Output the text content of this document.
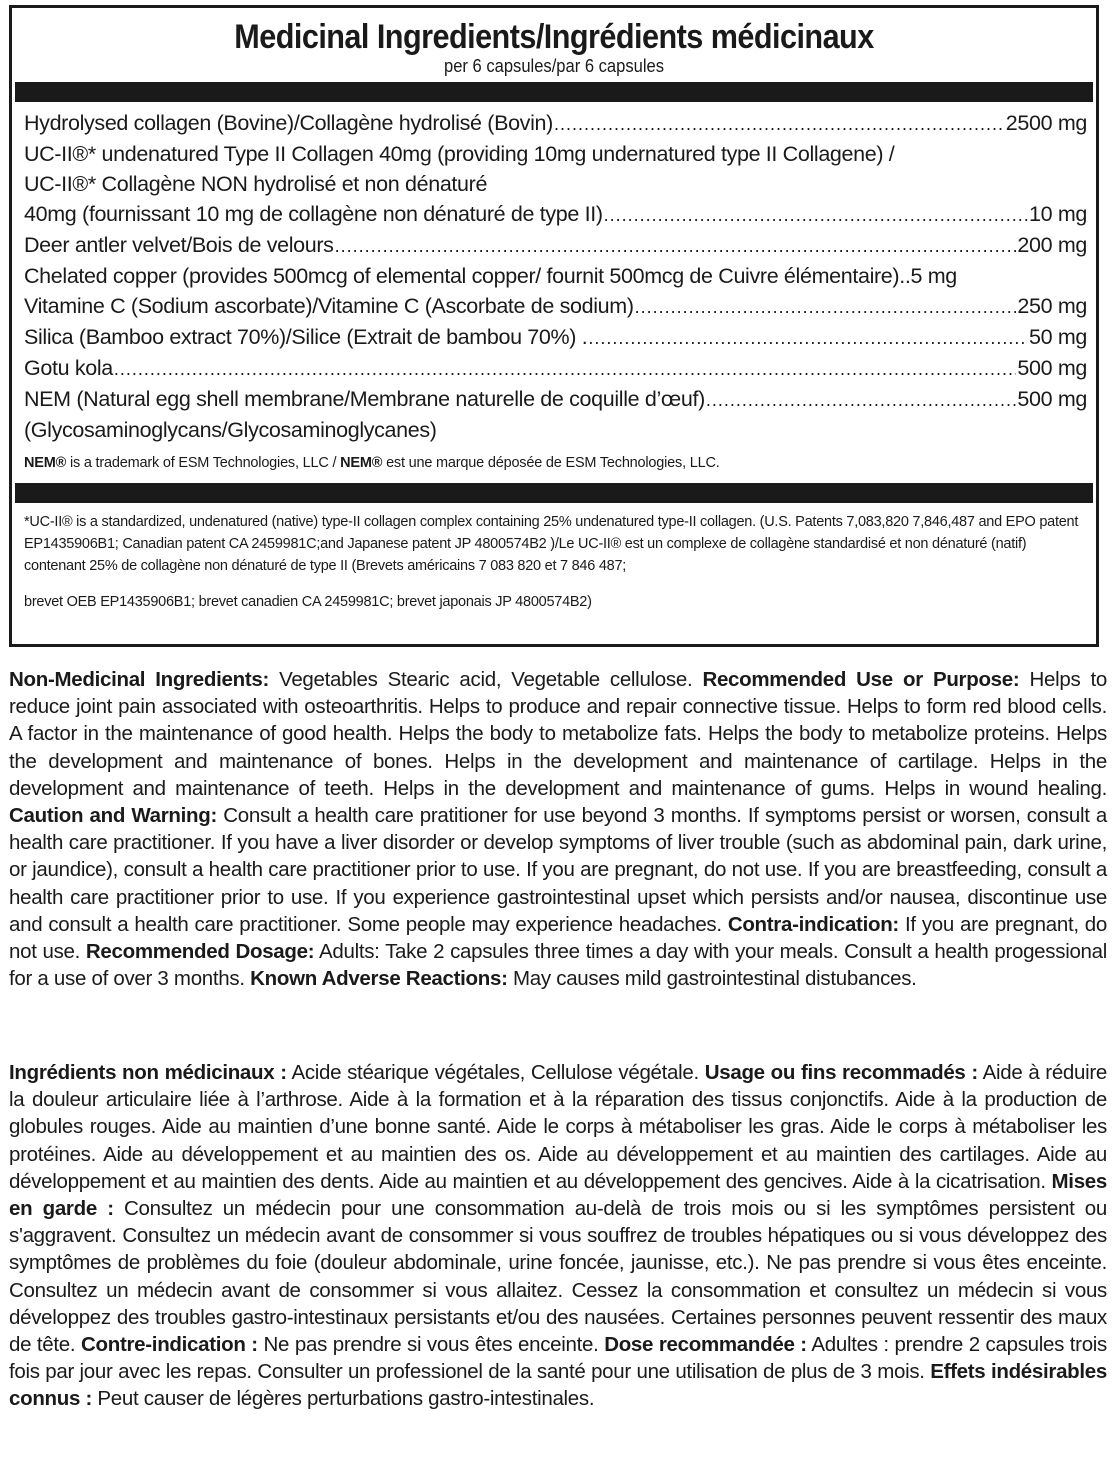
Medicinal Ingredients/Ingrédients médicinaux
per 6 capsules/par 6 capsules
Hydrolysed collagen (Bovine)/Collagène hydrolisé (Bovin) .....	2500 mg
UC-II®* undenatured Type II Collagen 40mg (providing 10mg undernatured type II Collagene) /
UC-II®* Collagène NON hydrolisé et non dénaturé
40mg (fournissant 10 mg de collagène non dénaturé de type II) .....	10 mg
Deer antler velvet/Bois de velours .....	200 mg
Chelated copper (provides 500mcg of elemental copper/ fournit 500mcg de Cuivre élémentaire).. 5 mg
Vitamine C (Sodium ascorbate)/Vitamine C (Ascorbate de sodium) .....	250 mg
Silica (Bamboo extract 70%)/Silice (Extrait de bambou 70%) . .....	50 mg
Gotu kola .....	500 mg
NEM (Natural egg shell membrane/Membrane naturelle de coquille d’œuf) .....	500 mg
(Glycosaminoglycans/Glycosaminoglycanes)
NEM® is a trademark of ESM Technologies, LLC / NEM® est une marque déposée de ESM Technologies, LLC.

*UC-II® is a standardized, undenatured (native) type-II collagen complex containing 25% undenatured type-II collagen. (U.S. Patents 7,083,820 7,846,487 and EPO patent EP1435906B1; Canadian patent CA 2459981C;and Japanese patent JP 4800574B2 )/Le UC-II® est un complexe de collagène standardisé et non dénaturé (natif) contenant 25% de collagène non dénaturé de type II (Brevets américains 7 083 820 et 7 846 487;

brevet OEB EP1435906B1; brevet canadien CA 2459981C; brevet japonais JP 4800574B2)

Non-Medicinal Ingredients: Vegetables Stearic acid, Vegetable cellulose. Recommended Use or Purpose: Helps to reduce joint pain associated with osteoarthritis. Helps to produce and repair connective tissue. Helps to form red blood cells. A factor in the maintenance of good health. Helps the body to metabolize fats. Helps the body to metabolize proteins. Helps the development and maintenance of bones. Helps in the development and maintenance of cartilage. Helps in the development and maintenance of teeth. Helps in the development and maintenance of gums. Helps in wound healing. Caution and Warning: Consult a health care pratitioner for use beyond 3 months. If symptoms persist or worsen, consult a health care practitioner. If you have a liver disorder or develop symptoms of liver trouble (such as abdominal pain, dark urine, or jaundice), consult a health care practitioner prior to use. If you are pregnant, do not use. If you are breastfeeding, consult a health care practitioner prior to use. If you experience gastrointestinal upset which persists and/or nausea, discontinue use and consult a health care practitioner. Some people may experience headaches. Contra-indication: If you are pregnant, do not use. Recommended Dosage: Adults: Take 2 capsules three times a day with your meals. Consult a health progessional for a use of over 3 months. Known Adverse Reactions: May causes mild gastrointestinal distubances.
Ingrédients non médicinaux : Acide stéarique végétales, Cellulose végétale. Usage ou fins recommadés : Aide à réduire la douleur articulaire liée à l’arthrose. Aide à la formation et à la réparation des tissus conjonctifs. Aide à la production de globules rouges. Aide au maintien d’une bonne santé. Aide le corps à métaboliser les gras. Aide le corps à métaboliser les protéines. Aide au développement et au maintien des os. Aide au développement et au maintien des cartilages. Aide au développement et au maintien des dents. Aide au maintien et au développement des gencives. Aide à la cicatrisation. Mises en garde : Consultez un médecin pour une consommation au-delà de trois mois ou si les symptômes persistent ou s'aggravent. Consultez un médecin avant de consommer si vous souffrez de troubles hépatiques ou si vous développez des symptômes de problèmes du foie (douleur abdominale, urine foncée, jaunisse, etc.). Ne pas prendre si vous êtes enceinte. Consultez un médecin avant de consommer si vous allaitez. Cessez la consommation et consultez un médecin si vous développez des troubles gastro-intestinaux persistants et/ou des nausées. Certaines personnes peuvent ressentir des maux de tête. Contre-indication : Ne pas prendre si vous êtes enceinte. Dose recommandée : Adultes : prendre 2 capsules trois fois par jour avec les repas. Consulter un professionel de la santé pour une utilisation de plus de 3 mois. Effets indésirables connus : Peut causer de légères perturbations gastro-intestinales.
